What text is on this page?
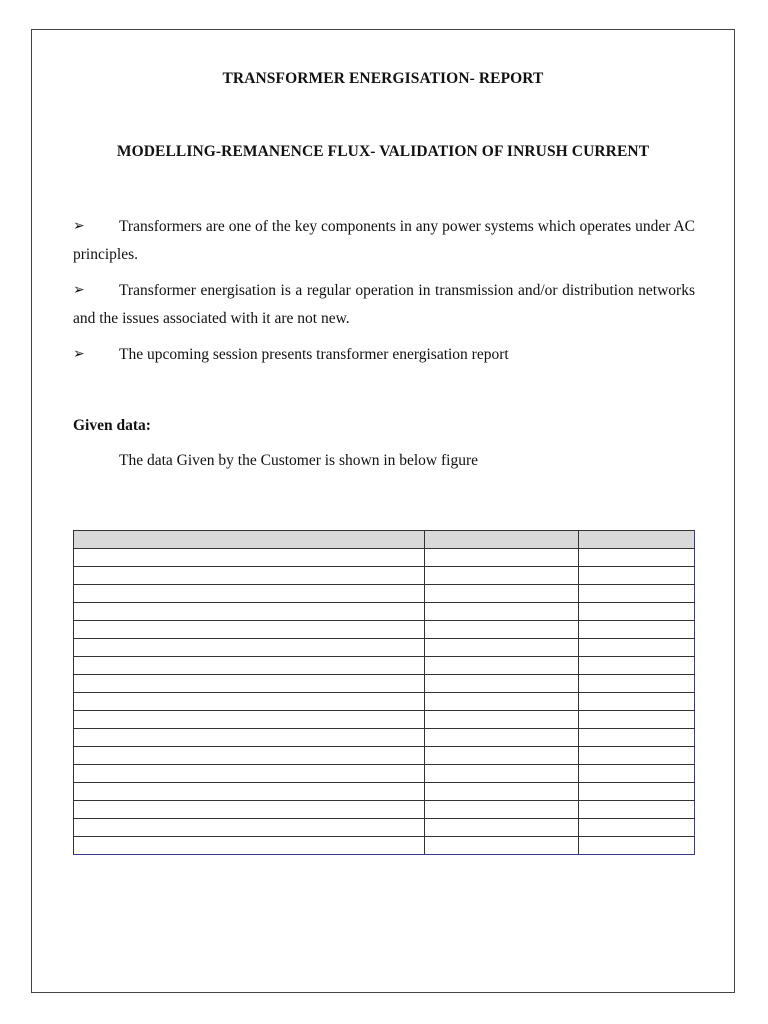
TRANSFORMER ENERGISATION- REPORT
MODELLING-REMANENCE FLUX- VALIDATION OF INRUSH CURRENT
➢	Transformers are one of the key components in any power systems which operates under AC principles.
➢	Transformer energisation is a regular operation in transmission and/or distribution networks and the issues associated with it are not new.
➢	The upcoming session presents transformer energisation report
Given data:
The data Given by the Customer is shown in below figure
